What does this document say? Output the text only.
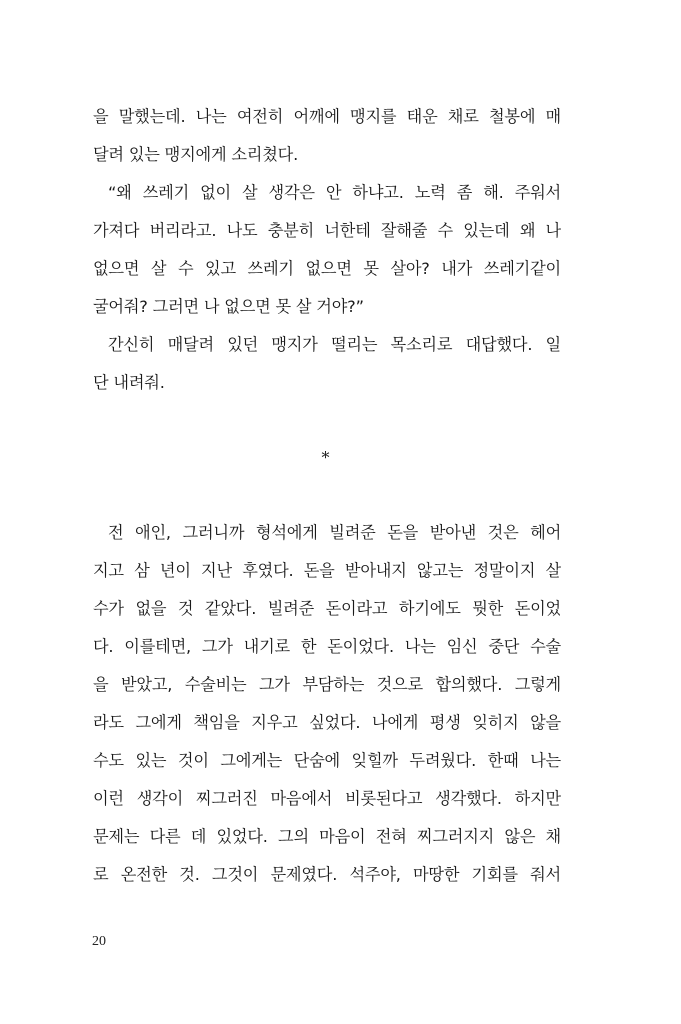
을 말했는데. 나는 여전히 어깨에 맹지를 태운 채로 철봉에 매
달려 있는 맹지에게 소리쳤다.
“왜 쓰레기 없이 살 생각은 안 하냐고. 노력 좀 해. 주워서
가져다 버리라고. 나도 충분히 너한테 잘해줄 수 있는데 왜 나
없으면 살 수 있고 쓰레기 없으면 못 살아? 내가 쓰레기같이
굴어줘? 그러면 나 없으면 못 살 거야?”
간신히 매달려 있던 맹지가 떨리는 목소리로 대답했다. 일
단 내려줘.
*
전 애인, 그러니까 형석에게 빌려준 돈을 받아낸 것은 헤어
지고 삼 년이 지난 후였다. 돈을 받아내지 않고는 정말이지 살
수가 없을 것 같았다. 빌려준 돈이라고 하기에도 뭣한 돈이었
다. 이를테면, 그가 내기로 한 돈이었다. 나는 임신 중단 수술
을 받았고, 수술비는 그가 부담하는 것으로 합의했다. 그렇게
라도 그에게 책임을 지우고 싶었다. 나에게 평생 잊히지 않을
수도 있는 것이 그에게는 단숨에 잊힐까 두려웠다. 한때 나는
이런 생각이 찌그러진 마음에서 비롯된다고 생각했다. 하지만
문제는 다른 데 있었다. 그의 마음이 전혀 찌그러지지 않은 채
로 온전한 것. 그것이 문제였다. 석주야, 마땅한 기회를 줘서
20
